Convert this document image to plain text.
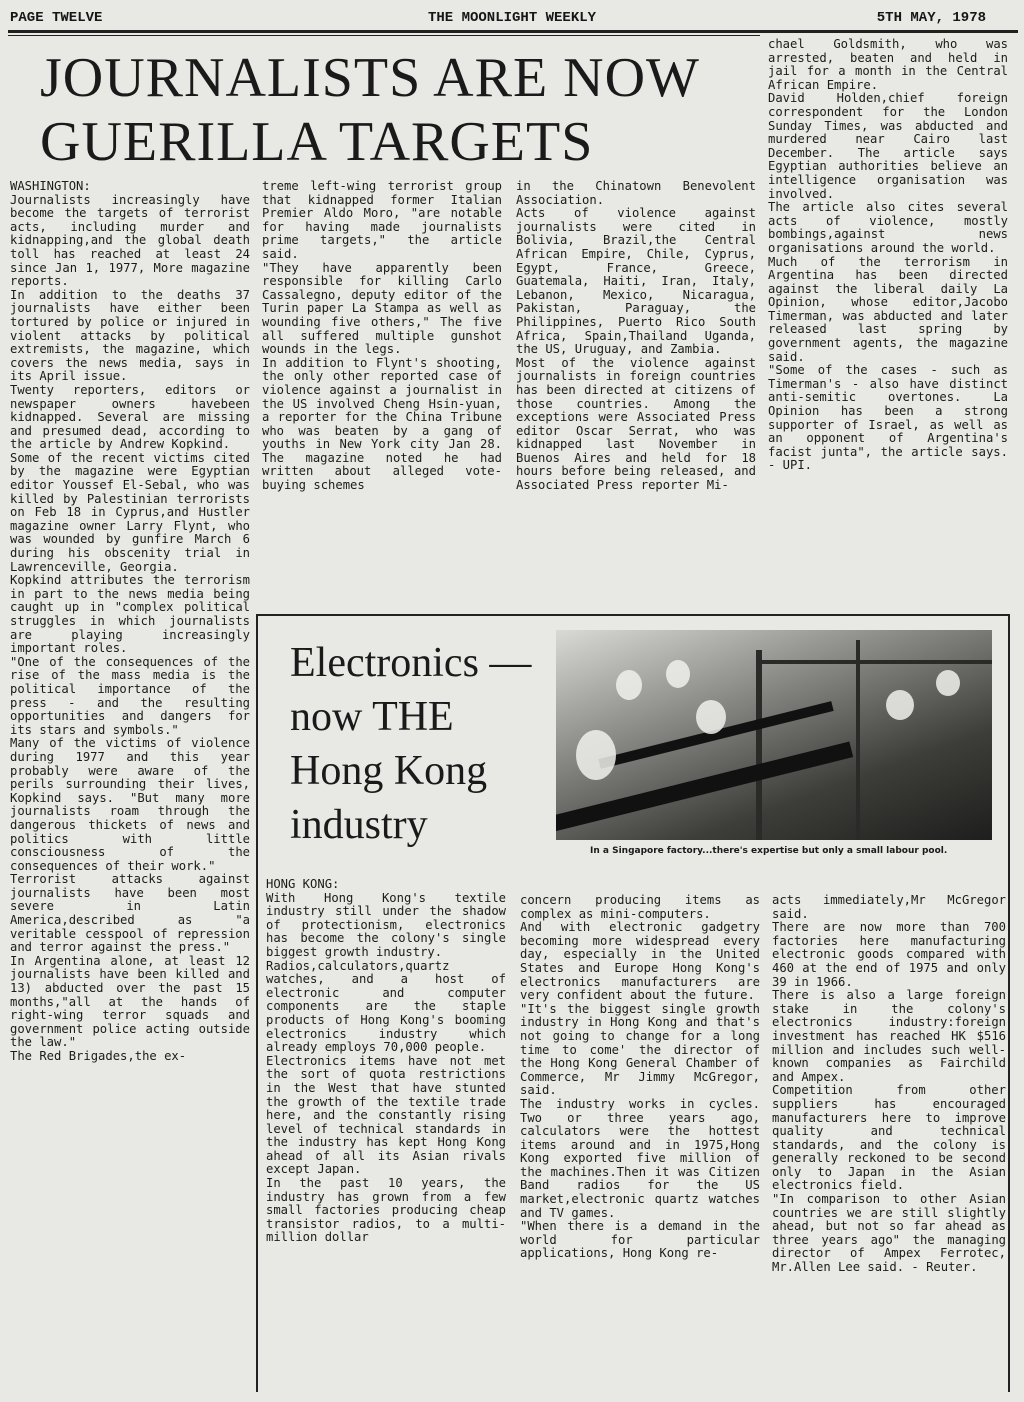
PAGE TWELVE	THE MOONLIGHT WEEKLY	5TH MAY, 1978
JOURNALISTS ARE NOW GUERILLA TARGETS
WASHINGTON:
Journalists increasingly have become the targets of terrorist acts, including murder and kidnapping,and the global death toll has reached at least 24 since Jan 1, 1977, More magazine reports.
In addition to the deaths 37 journalists have either been tortured by police or injured in violent attacks by political extremists, the magazine, which covers the news media, says in its April issue.
Twenty reporters, editors or newspaper owners havebeen kidnapped. Several are missing and presumed dead, according to the article by Andrew Kopkind.
Some of the recent victims cited by the magazine were Egyptian editor Youssef El-Sebal, who was killed by Palestinian terrorists on Feb 18 in Cyprus,and Hustler magazine owner Larry Flynt, who was wounded by gunfire March 6 during his obscenity trial in Lawrenceville, Georgia.
Kopkind attributes the terrorism in part to the news media being caught up in "complex political struggles in which journalists are playing increasingly important roles.
"One of the consequences of the rise of the mass media is the political importance of the press - and the resulting opportunities and dangers for its stars and symbols."
Many of the victims of violence during 1977 and this year probably were aware of the perils surrounding their lives, Kopkind says. "But many more journalists roam through the dangerous thickets of news and politics with little consciousness of the consequences of their work."
Terrorist attacks against journalists have been most severe in Latin America,described as "a veritable cesspool of repression and terror against the press."
In Argentina alone, at least 12 journalists have been killed and 13) abducted over the past 15 months,"all at the hands of right-wing terror squads and government police acting outside the law."
The Red Brigades,the ex-
treme left-wing terrorist group that kidnapped former Italian Premier Aldo Moro, "are notable for having made journalists prime targets," the article said.
"They have apparently been responsible for killing Carlo Cassalegno, deputy editor of the Turin paper La Stampa as well as wounding five others," The five all suffered multiple gunshot wounds in the legs.
In addition to Flynt's shooting, the only other reported case of violence against a journalist in the US involved Cheng Hsin-yuan, a reporter for the China Tribune who was beaten by a gang of youths in New York city Jan 28. The magazine noted he had written about alleged vote-buying schemes
in the Chinatown Benevolent Association.
Acts of violence against journalists were cited in Bolivia, Brazil,the Central African Empire, Chile, Cyprus, Egypt, France, Greece, Guatemala, Haiti, Iran, Italy, Lebanon, Mexico, Nicaragua, Pakistan, Paraguay, the Philippines, Puerto Rico South Africa, Spain,Thailand Uganda, the US, Uruguay, and Zambia.
Most of the violence against journalists in foreign countries has been directed at citizens of those countries. Among the exceptions were Associated Press editor Oscar Serrat, who was kidnapped last November in Buenos Aires and held for 18 hours before being released, and Associated Press reporter Mi-
chael Goldsmith, who was arrested, beaten and held in jail for a month in the Central African Empire.
David Holden,chief foreign correspondent for the London Sunday Times, was abducted and murdered near Cairo last December. The article says Egyptian authorities believe an intelligence organisation was involved.
The article also cites several acts of violence, mostly bombings,against news organisations around the world.
Much of the terrorism in Argentina has been directed against the liberal daily La Opinion, whose editor,Jacobo Timerman, was abducted and later released last spring by government agents, the magazine said.
"Some of the cases - such as Timerman's - also have distinct anti-semitic overtones. La Opinion has been a strong supporter of Israel, as well as an opponent of Argentina's facist junta", the article says. - UPI.
Electronics —now THE Hong Kong industry
In a Singapore factory...there's expertise but only a small labour pool.
HONG KONG:
With Hong Kong's textile industry still under the shadow of protectionism, electronics has become the colony's single biggest growth industry.
Radios,calculators,quartz watches, and a host of electronic and computer components are the staple products of Hong Kong's booming electronics industry which already employs 70,000 people.
Electronics items have not met the sort of quota restrictions in the West that have stunted the growth of the textile trade here, and the constantly rising level of technical standards in the industry has kept Hong Kong ahead of all its Asian rivals except Japan.
In the past 10 years, the industry has grown from a few small factories producing cheap transistor radios, to a multi-million dollar
concern producing items as complex as mini-computers.
And with electronic gadgetry becoming more widespread every day, especially in the United States and Europe Hong Kong's electronics manufacturers are very confident about the future.
"It's the biggest single growth industry in Hong Kong and that's not going to change for a long time to come' the director of the Hong Kong General Chamber of Commerce, Mr Jimmy McGregor, said.
The industry works in cycles. Two or three years ago, calculators were the hottest items around and in 1975,Hong Kong exported five million of the machines.Then it was Citizen Band radios for the US market,electronic quartz watches and TV games.
"When there is a demand in the world for particular applications, Hong Kong re-
acts immediately,Mr McGregor said.
There are now more than 700 factories here manufacturing electronic goods compared with 460 at the end of 1975 and only 39 in 1966.
There is also a large foreign stake in the colony's electronics industry:foreign investment has reached HK $516 million and includes such well-known companies as Fairchild and Ampex.
Competition from other suppliers has encouraged manufacturers here to improve quality and technical standards, and the colony is generally reckoned to be second only to Japan in the Asian electronics field.
"In comparison to other Asian countries we are still slightly ahead, but not so far ahead as three years ago" the managing director of Ampex Ferrotec, Mr.Allen Lee said. - Reuter.
